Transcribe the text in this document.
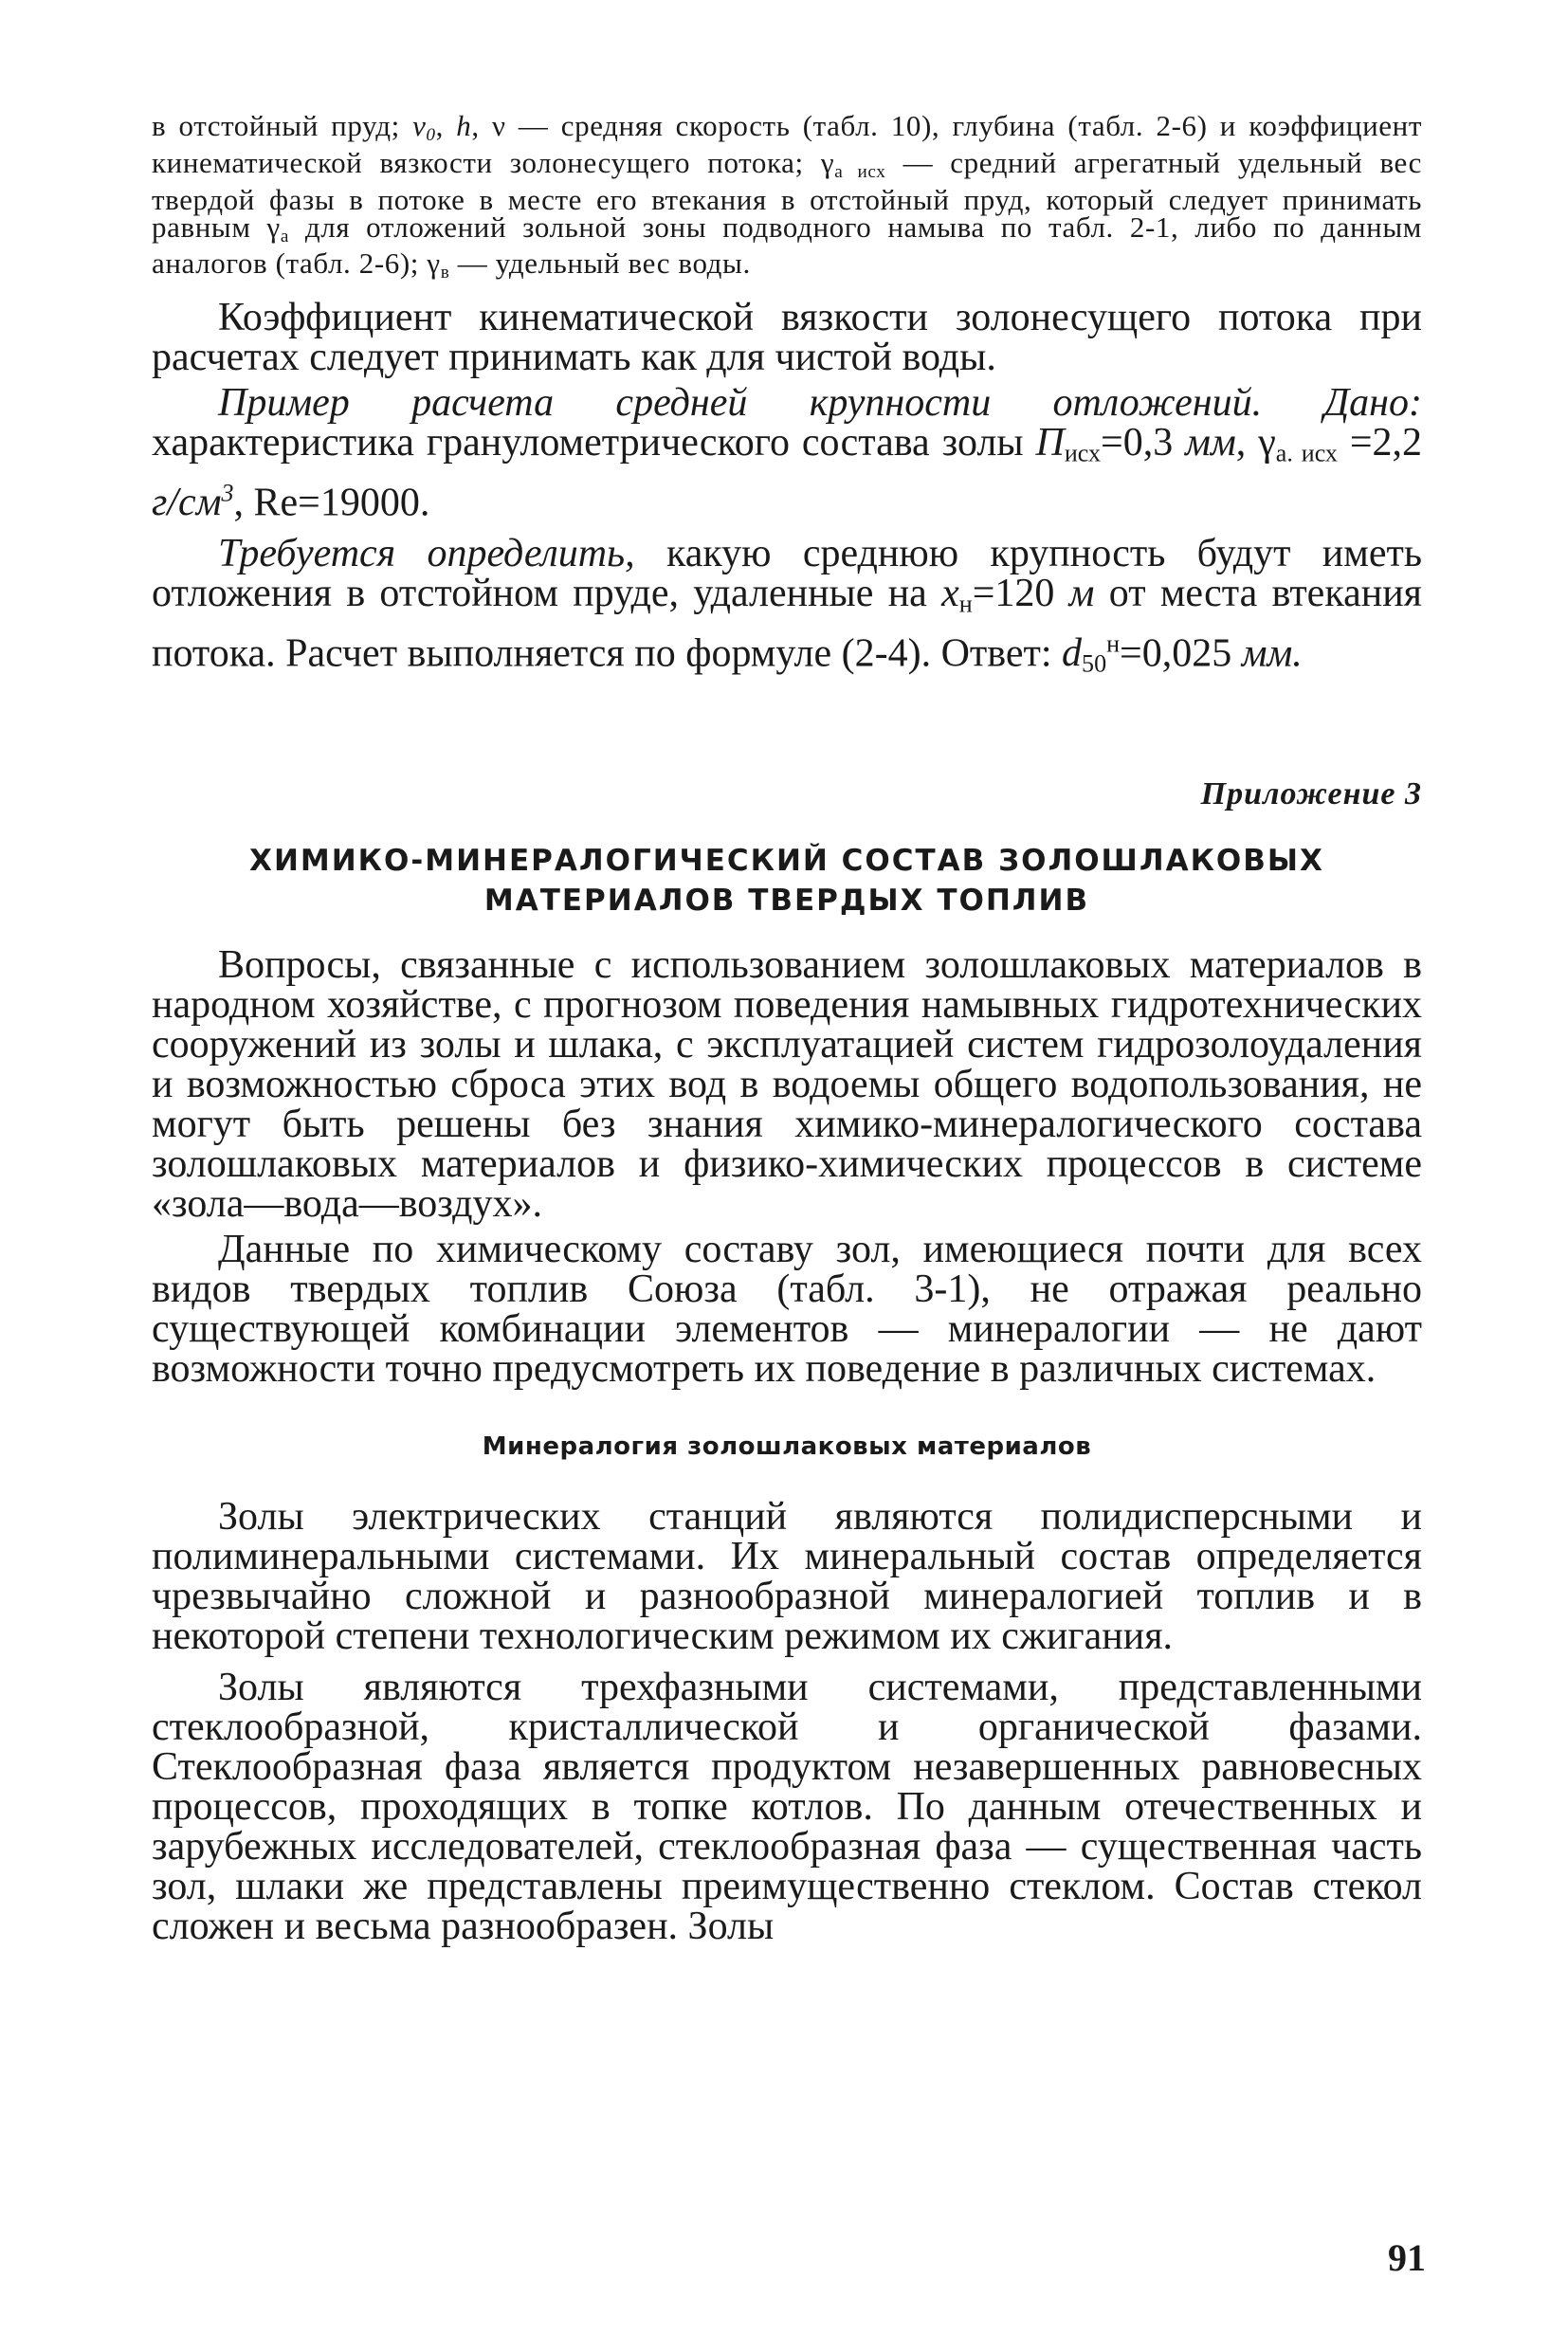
в отстойный пруд; $v_0$, h, ν — средняя скорость (табл. 10), глубина (табл. 2-6) и коэффициент кинематической вязкости золонесущего потока; $\gamma_{а исх}$ — средний агрегатный удельный вес твердой фазы в потоке в месте его втекания в отстойный пруд, который следует принимать равным $\gamma_а$ для отложений зольной зоны подводного намыва по табл. 2-1, либо по данным аналогов (табл. 2-6); $\gamma_в$ — удельный вес воды.

Коэффициент кинематической вязкости золонесущего потока при расчетах следует принимать как для чистой воды.

Пример расчета средней крупности отложений. Дано: характеристика гранулометрического состава золы $П_{исх}=0,3$ мм, $\gamma_{а. исх} =2,2$ $г/см^3$, Re=19000.

Требуется определить, какую среднюю крупность будут иметь отложения в отстойном пруде, удаленные на $x_н=120$ м от места втекания потока. Расчет выполняется по формуле (2-4). Ответ: $d_{50}^н=0,025$ мм.

Приложение 3

ХИМИКО-МИНЕРАЛОГИЧЕСКИЙ СОСТАВ ЗОЛОШЛАКОВЫХ
МАТЕРИАЛОВ ТВЕРДЫХ ТОПЛИВ

Вопросы, связанные с использованием золошлаковых материалов в народном хозяйстве, с прогнозом поведения намывных гидротехнических сооружений из золы и шлака, с эксплуатацией систем гидрозолоудаления и возможностью сброса этих вод в водоемы общего водопользования, не могут быть решены без знания химико-минералогического состава золошлаковых материалов и физико-химических процессов в системе «зола—вода—воздух».

Данные по химическому составу зол, имеющиеся почти для всех видов твердых топлив Союза (табл. 3-1), не отражая реально существующей комбинации элементов — минералогии — не дают возможности точно предусмотреть их поведение в различных системах.

Минералогия золошлаковых материалов

Золы электрических станций являются полидисперсными и полиминеральными системами. Их минеральный состав определяется чрезвычайно сложной и разнообразной минералогией топлив и в некоторой степени технологическим режимом их сжигания.

Золы являются трехфазными системами, представленными стеклообразной, кристаллической и органической фазами. Стеклообразная фаза является продуктом незавершенных равновесных процессов, проходящих в топке котлов. По данным отечественных и зарубежных исследователей, стеклообразная фаза — существенная часть зол, шлаки же представлены преимущественно стеклом. Состав стекол сложен и весьма разнообразен. Золы

91
